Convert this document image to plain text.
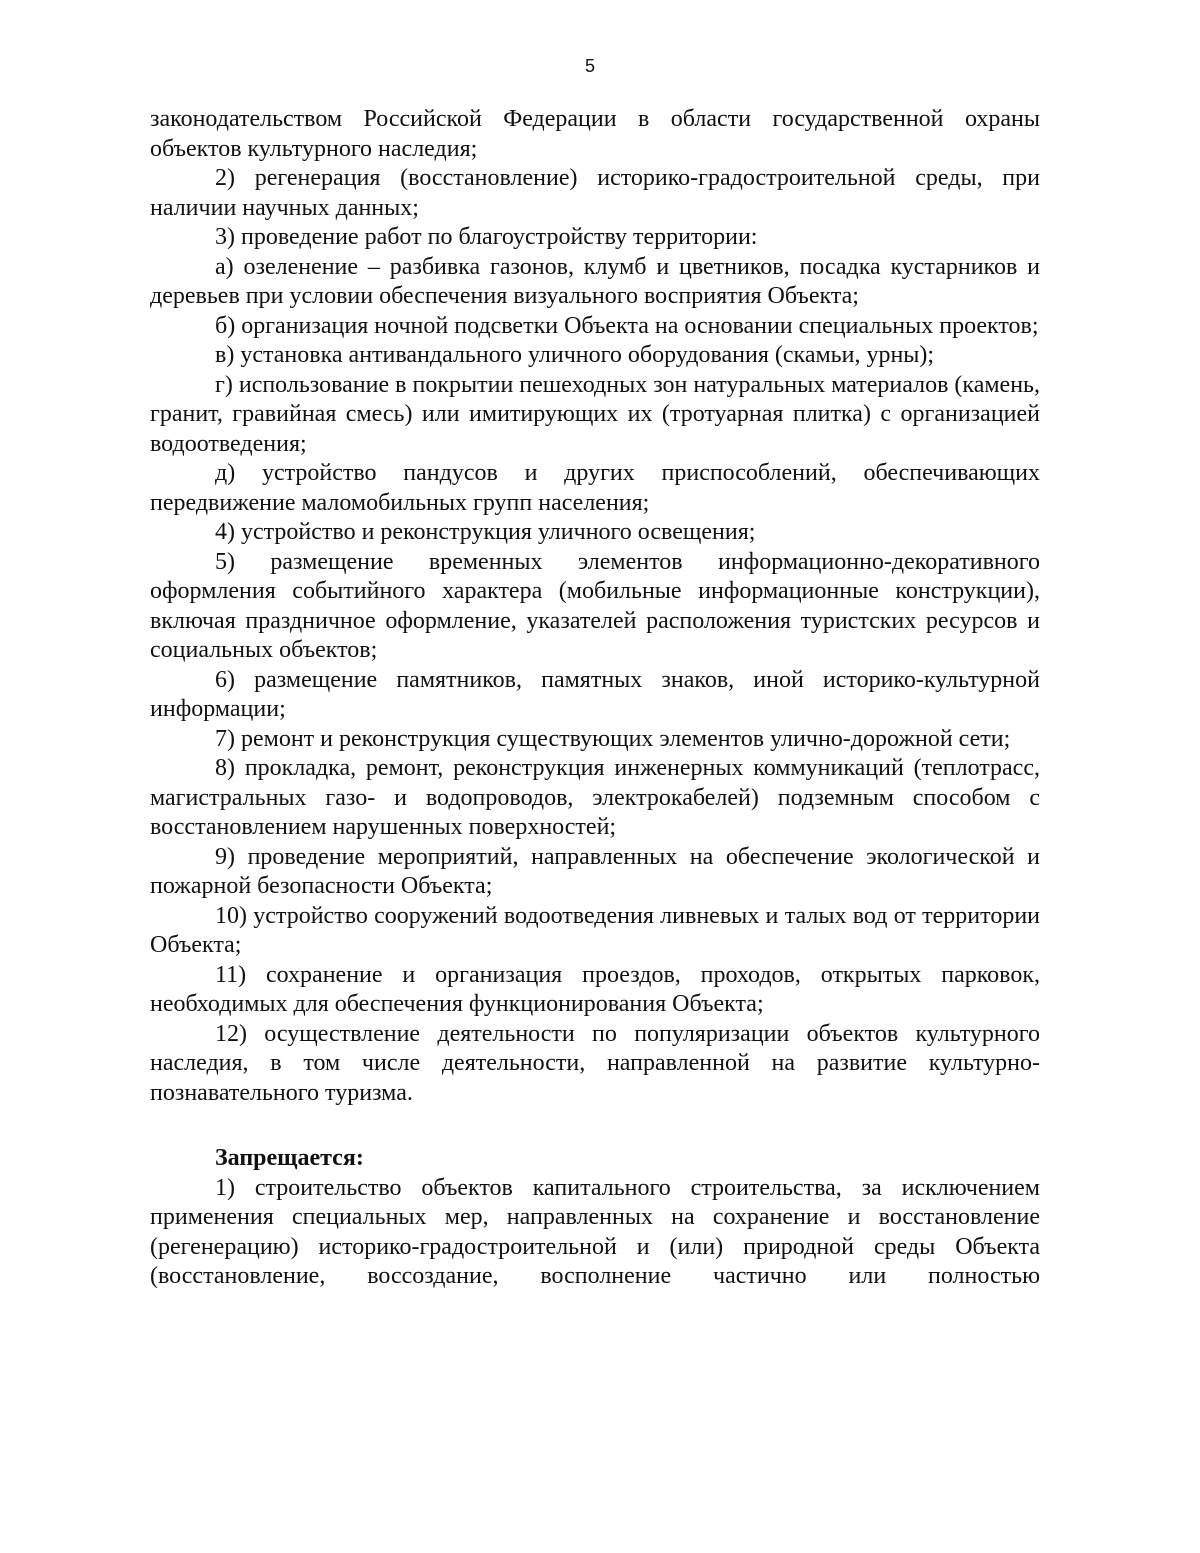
5

законодательством Российской Федерации в области государственной охраны объектов культурного наследия;

2) регенерация (восстановление) историко-градостроительной среды, при наличии научных данных;

3) проведение работ по благоустройству территории:

а) озеленение – разбивка газонов, клумб и цветников, посадка кустарников и деревьев при условии обеспечения визуального восприятия Объекта;

б) организация ночной подсветки Объекта на основании специальных проектов;

в) установка антивандального уличного оборудования (скамьи, урны);

г) использование в покрытии пешеходных зон натуральных материалов (камень, гранит, гравийная смесь) или имитирующих их (тротуарная плитка) с организацией водоотведения;

д) устройство пандусов и других приспособлений, обеспечивающих передвижение маломобильных групп населения;

4) устройство и реконструкция уличного освещения;

5) размещение временных элементов информационно-декоративного оформления событийного характера (мобильные информационные конструкции), включая праздничное оформление, указателей расположения туристских ресурсов и социальных объектов;

6) размещение памятников, памятных знаков, иной историко-культурной информации;

7) ремонт и реконструкция существующих элементов улично-дорожной сети;

8) прокладка, ремонт, реконструкция инженерных коммуникаций (теплотрасс, магистральных газо- и водопроводов, электрокабелей) подземным способом с восстановлением нарушенных поверхностей;

9) проведение мероприятий, направленных на обеспечение экологической и пожарной безопасности Объекта;

10) устройство сооружений водоотведения ливневых и талых вод от территории Объекта;

11) сохранение и организация проездов, проходов, открытых парковок, необходимых для обеспечения функционирования Объекта;

12) осуществление деятельности по популяризации объектов культурного наследия, в том числе деятельности, направленной на развитие культурно-познавательного туризма.

Запрещается:

1) строительство объектов капитального строительства, за исключением применения специальных мер, направленных на сохранение и восстановление (регенерацию) историко-градостроительной и (или) природной среды Объекта (восстановление, воссоздание, восполнение частично или полностью
